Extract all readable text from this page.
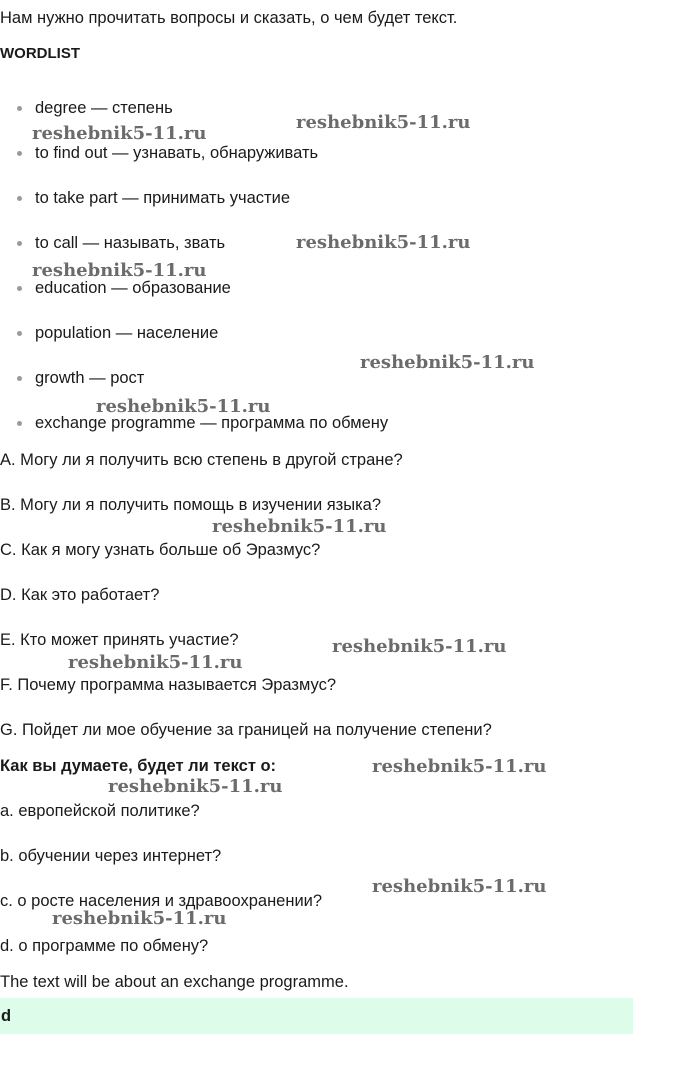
Нам нужно прочитать вопросы и сказать, о чем будет текст.
WORDLIST
degree — степень
to find out — узнавать, обнаруживать
to take part — принимать участие
to call — называть, звать
education — образование
population — население
growth — рост
exchange programme — программа по обмену
A. Могу ли я получить всю степень в другой стране?
B. Могу ли я получить помощь в изучении языка?
C. Как я могу узнать больше об Эразмус?
D. Как это работает?
E. Кто может принять участие?
F. Почему программа называется Эразмус?
G. Пойдет ли мое обучение за границей на получение степени?
Как вы думаете, будет ли текст о:
a. европейской политике?
b. обучении через интернет?
c. о росте населения и здравоохранении?
d. о программе по обмену?
The text will be about an exchange programme.
d
reshebnik5-11.ru
reshebnik5-11.ru
reshebnik5-11.ru
reshebnik5-11.ru
reshebnik5-11.ru
reshebnik5-11.ru
reshebnik5-11.ru
reshebnik5-11.ru
reshebnik5-11.ru
reshebnik5-11.ru
reshebnik5-11.ru
reshebnik5-11.ru
reshebnik5-11.ru
